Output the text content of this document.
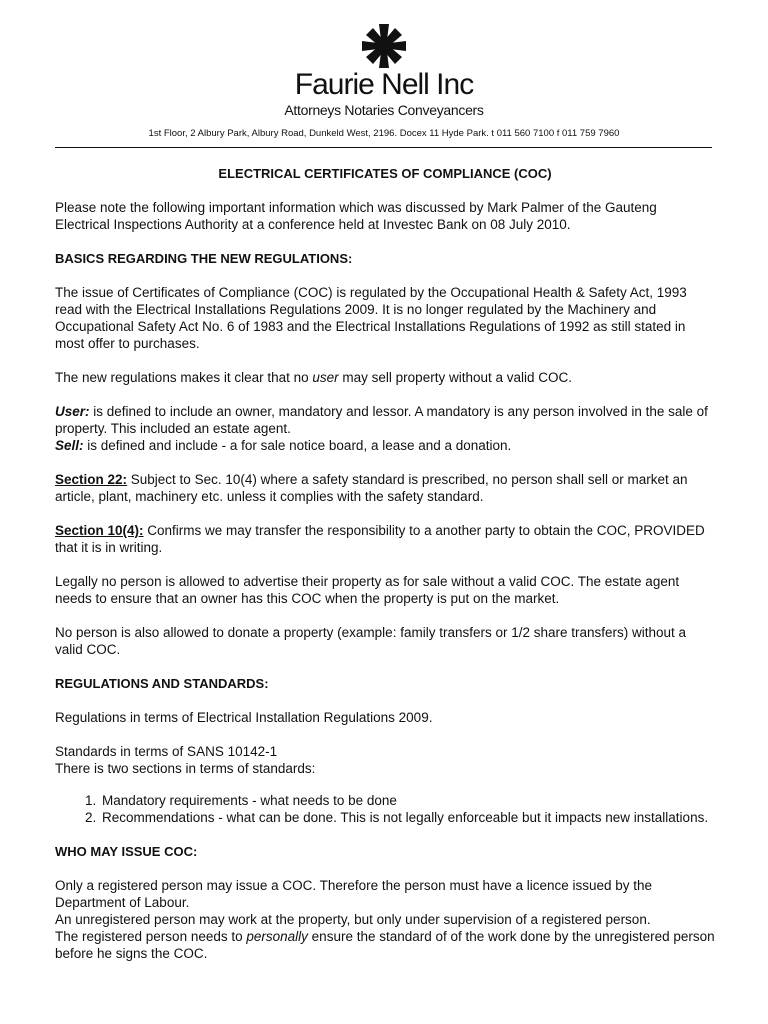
Faurie Nell Inc
Attorneys Notaries Conveyancers
1st Floor, 2 Albury Park, Albury Road, Dunkeld West, 2196. Docex 11 Hyde Park. t 011 560 7100 f 011 759 7960

ELECTRICAL CERTIFICATES OF COMPLIANCE (COC)

Please note the following important information which was discussed by Mark Palmer of the Gauteng Electrical Inspections Authority at a conference held at Investec Bank on 08 July 2010.

BASICS REGARDING THE NEW REGULATIONS:

The issue of Certificates of Compliance (COC) is regulated by the Occupational Health & Safety Act, 1993 read with the Electrical Installations Regulations 2009. It is no longer regulated by the Machinery and Occupational Safety Act No. 6 of 1983 and the Electrical Installations Regulations of 1992 as still stated in most offer to purchases.

The new regulations makes it clear that no user may sell property without a valid COC.

User: is defined to include an owner, mandatory and lessor. A mandatory is any person involved in the sale of property. This included an estate agent.
Sell: is defined and include - a for sale notice board, a lease and a donation.

Section 22: Subject to Sec. 10(4) where a safety standard is prescribed, no person shall sell or market an article, plant, machinery etc. unless it complies with the safety standard.

Section 10(4): Confirms we may transfer the responsibility to a another party to obtain the COC, PROVIDED that it is in writing.

Legally no person is allowed to advertise their property as for sale without a valid COC. The estate agent needs to ensure that an owner has this COC when the property is put on the market.

No person is also allowed to donate a property (example: family transfers or 1/2 share transfers) without a valid COC.

REGULATIONS AND STANDARDS:

Regulations in terms of Electrical Installation Regulations 2009.

Standards in terms of SANS 10142-1
There is two sections in terms of standards:

1. Mandatory requirements - what needs to be done
2. Recommendations - what can be done. This is not legally enforceable but it impacts new installations.

WHO MAY ISSUE COC:

Only a registered person may issue a COC. Therefore the person must have a licence issued by the Department of Labour.
An unregistered person may work at the property, but only under supervision of a registered person.
The registered person needs to personally ensure the standard of of the work done by the unregistered person before he signs the COC.
